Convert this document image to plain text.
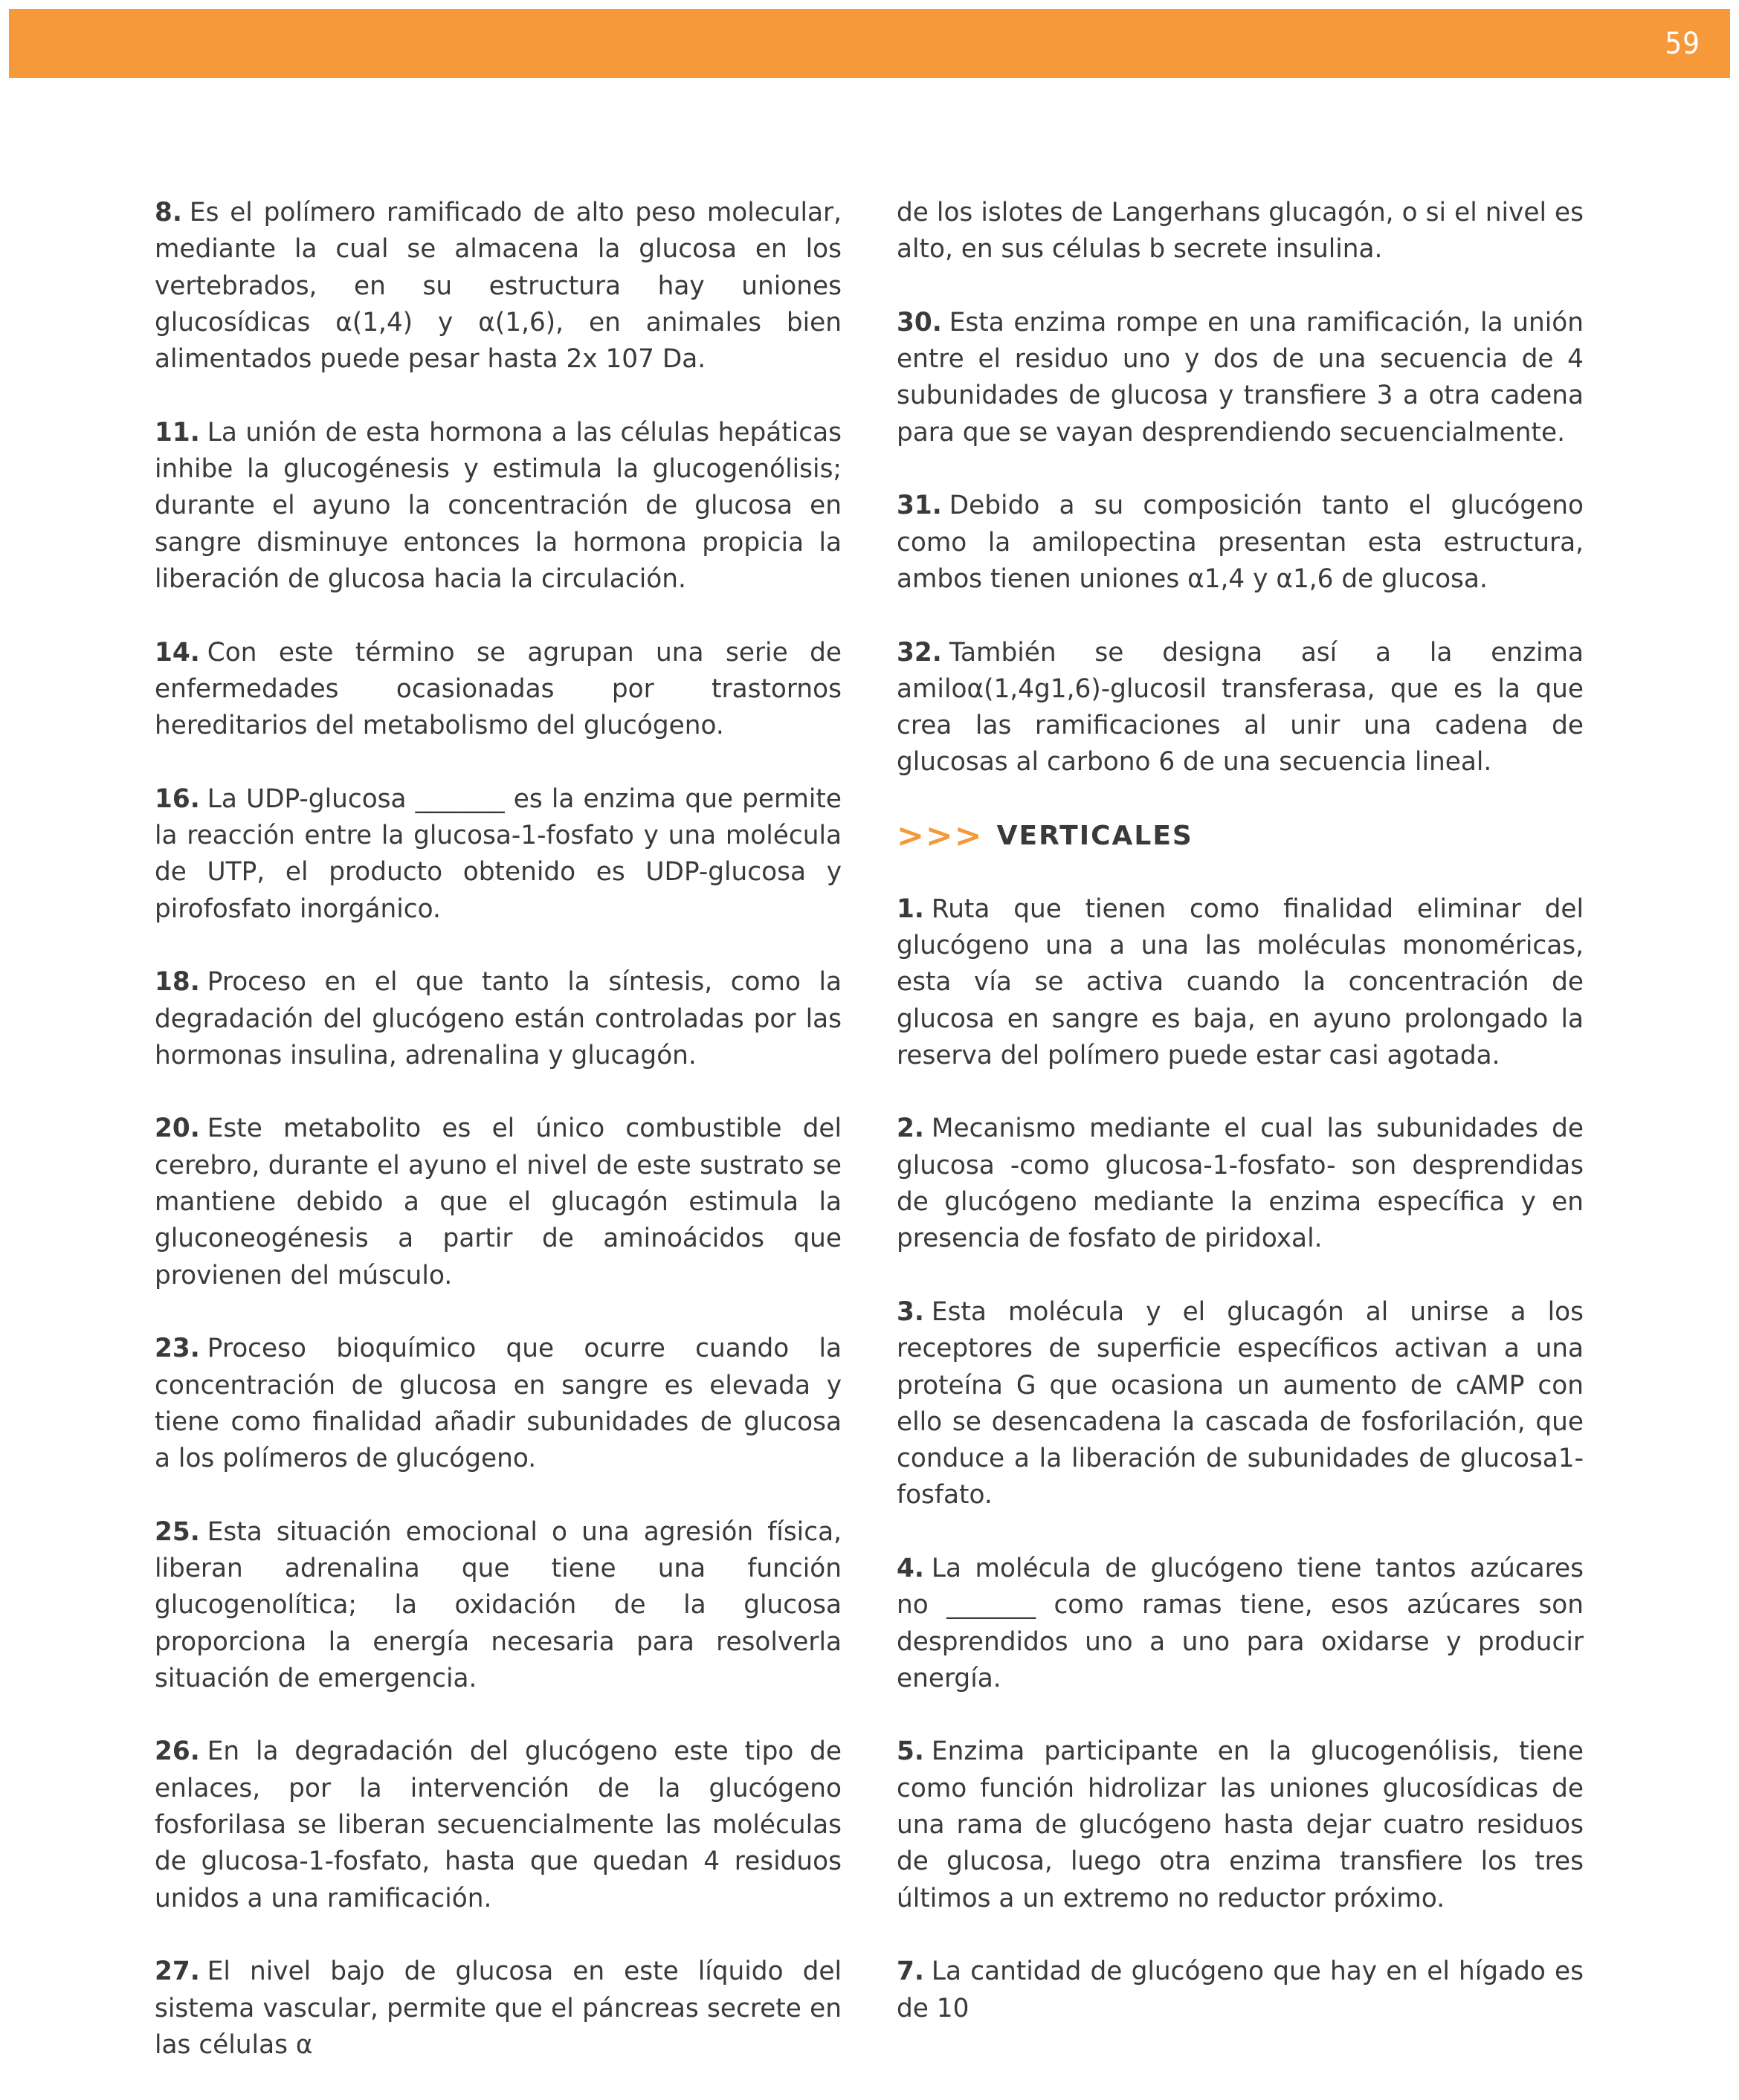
59

8. Es el polímero ramificado de alto peso molecular, mediante la cual se almacena la glucosa en los vertebrados, en su estructura hay uniones glucosídicas α(1,4) y α(1,6), en animales bien alimentados puede pesar hasta 2x 107 Da.

11. La unión de esta hormona a las células hepáticas inhibe la glucogénesis y estimula la glucogenólisis; durante el ayuno la concentración de glucosa en sangre disminuye entonces la hormona propicia la liberación de glucosa hacia la circulación.

14. Con este término se agrupan una serie de enfermedades ocasionadas por trastornos hereditarios del metabolismo del glucógeno.

16. La UDP-glucosa _______ es la enzima que permite la reacción entre la glucosa-1-fosfato y una molécula de UTP, el producto obtenido es UDP-glucosa y pirofosfato inorgánico.

18. Proceso en el que tanto la síntesis, como la degradación del glucógeno están controladas por las hormonas insulina, adrenalina y glucagón.

20. Este metabolito es el único combustible del cerebro, durante el ayuno el nivel de este sustrato se mantiene debido a que el glucagón estimula la gluconeogénesis a partir de aminoácidos que provienen del músculo.

23. Proceso bioquímico que ocurre cuando la concentración de glucosa en sangre es elevada y tiene como finalidad añadir subunidades de glucosa a los polímeros de glucógeno.

25. Esta situación emocional o una agresión física, liberan adrenalina que tiene una función glucogenolítica; la oxidación de la glucosa proporciona la energía necesaria para resolverla situación de emergencia.

26. En la degradación del glucógeno este tipo de enlaces, por la intervención de la glucógeno fosforilasa se liberan secuencialmente las moléculas de glucosa-1-fosfato, hasta que quedan 4 residuos unidos a una ramificación.

27. El nivel bajo de glucosa en este líquido del sistema vascular, permite que el páncreas secrete en las células α

de los islotes de Langerhans glucagón, o si el nivel es alto, en sus células b secrete insulina.

30. Esta enzima rompe en una ramificación, la unión entre el residuo uno y dos de una secuencia de 4 subunidades de glucosa y transfiere 3 a otra cadena para que se vayan desprendiendo secuencialmente.

31. Debido a su composición tanto el glucógeno como la amilopectina presentan esta estructura, ambos tienen uniones α1,4 y α1,6 de glucosa.

32. También se designa así a la enzima amiloα(1,4g1,6)-glucosil transferasa, que es la que crea las ramificaciones al unir una cadena de glucosas al carbono 6 de una secuencia lineal.

>>> VERTICALES

1. Ruta que tienen como finalidad eliminar del glucógeno una a una las moléculas monoméricas, esta vía se activa cuando la concentración de glucosa en sangre es baja, en ayuno prolongado la reserva del polímero puede estar casi agotada.

2. Mecanismo mediante el cual las subunidades de glucosa -como glucosa-1-fosfato- son desprendidas de glucógeno mediante la enzima específica y en presencia de fosfato de piridoxal.

3. Esta molécula y el glucagón al unirse a los receptores de superficie específicos activan a una proteína G que ocasiona un aumento de cAMP con ello se desencadena la cascada de fosforilación, que conduce a la liberación de subunidades de glucosa1-fosfato.

4. La molécula de glucógeno tiene tantos azúcares no _______ como ramas tiene, esos azúcares son desprendidos uno a uno para oxidarse y producir energía.

5. Enzima participante en la glucogenólisis, tiene como función hidrolizar las uniones glucosídicas de una rama de glucógeno hasta dejar cuatro residuos de glucosa, luego otra enzima transfiere los tres últimos a un extremo no reductor próximo.

7. La cantidad de glucógeno que hay en el hígado es de 10
